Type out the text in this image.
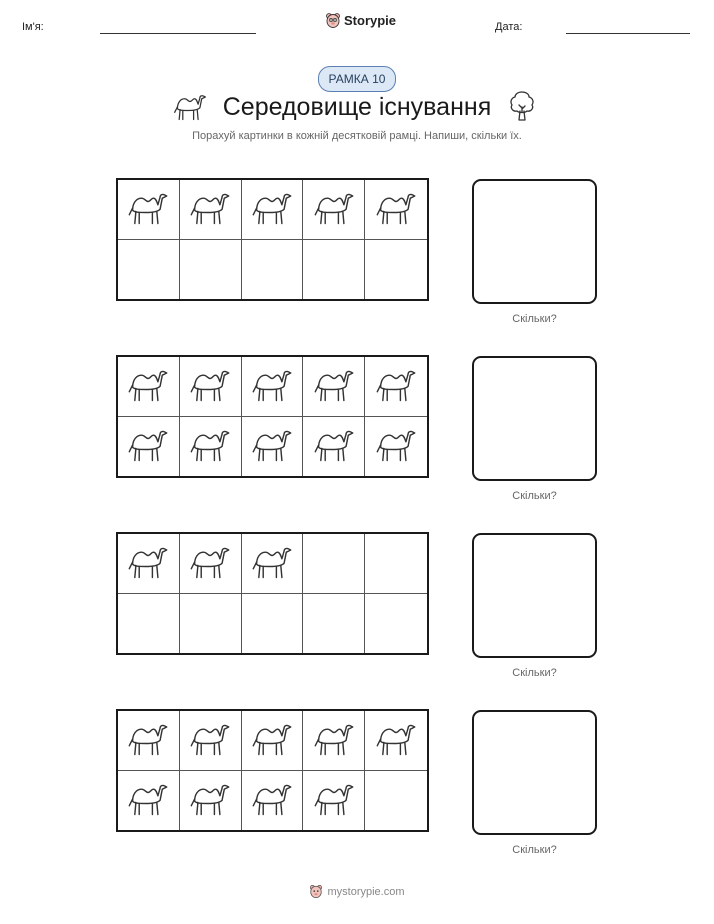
Ім'я:	Storypie	Дата:
РАМКА 10
Середовище існування
Порахуй картинки в кожній десятковій рамці. Напиши, скільки їх.
Скільки?
Скільки?
Скільки?
Скільки?
mystorypie.com
